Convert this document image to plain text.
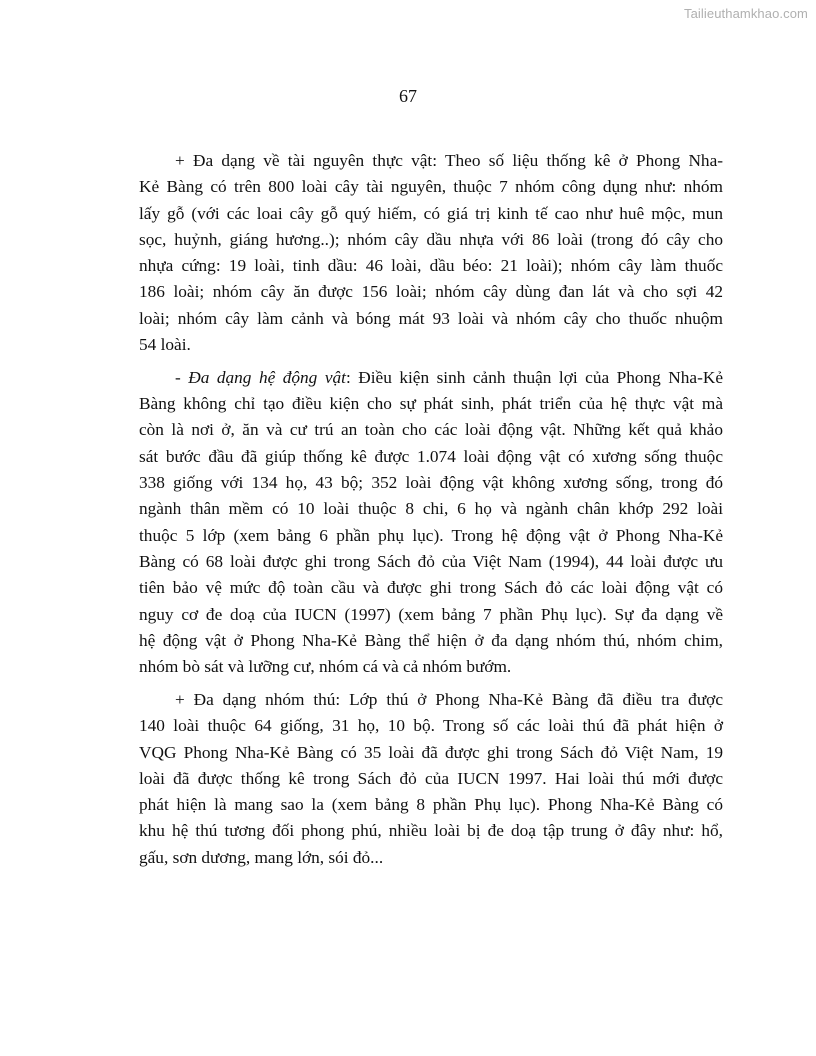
Tailieuthamkhao.com
67
+ Đa dạng về tài nguyên thực vật: Theo số liệu thống kê ở Phong Nha-
Kẻ Bàng có trên 800 loài cây tài nguyên, thuộc 7 nhóm công dụng như: nhóm
lấy gỗ (với các loai cây gỗ quý hiếm, có giá trị kinh tế cao như huê mộc, mun
sọc, huỷnh, giáng hương..); nhóm cây dầu nhựa với 86 loài (trong đó cây cho
nhựa cứng: 19 loài, tinh dầu: 46 loài, dầu béo: 21 loài); nhóm cây làm thuốc
186 loài; nhóm cây ăn được 156 loài; nhóm cây dùng đan lát và cho sợi 42
loài; nhóm cây làm cảnh và bóng mát 93 loài và nhóm cây cho thuốc nhuộm
54 loài.
- Đa dạng hệ động vật: Điều kiện sinh cảnh thuận lợi của Phong Nha-Kẻ
Bàng không chỉ tạo điều kiện cho sự phát sinh, phát triển của hệ thực vật mà
còn là nơi ở, ăn và cư trú an toàn cho các loài động vật. Những kết quả khảo
sát bước đầu đã giúp thống kê được 1.074 loài động vật có xương sống thuộc
338 giống với 134 họ, 43 bộ; 352 loài động vật không xương sống, trong đó
ngành thân mềm có 10 loài thuộc 8 chi, 6 họ và ngành chân khớp 292 loài
thuộc 5 lớp (xem bảng 6 phần phụ lục). Trong hệ động vật ở Phong Nha-Kẻ
Bàng có 68 loài được ghi trong Sách đỏ của Việt Nam (1994), 44 loài được ưu
tiên bảo vệ mức độ toàn cầu và được ghi trong Sách đỏ các loài động vật có
nguy cơ đe doạ của IUCN (1997) (xem bảng 7 phần Phụ lục). Sự đa dạng về
hệ động vật ở Phong Nha-Kẻ Bàng thể hiện ở đa dạng nhóm thú, nhóm chim,
nhóm bò sát và lưỡng cư, nhóm cá và cả nhóm bướm.
+ Đa dạng nhóm thú: Lớp thú ở Phong Nha-Kẻ Bàng đã điều tra được
140 loài thuộc 64 giống, 31 họ, 10 bộ. Trong số các loài thú đã phát hiện ở
VQG Phong Nha-Kẻ Bàng có 35 loài đã được ghi trong Sách đỏ Việt Nam, 19
loài đã được thống kê trong Sách đỏ của IUCN 1997. Hai loài thú mới được
phát hiện là mang sao la (xem bảng 8 phần Phụ lục). Phong Nha-Kẻ Bàng có
khu hệ thú tương đối phong phú, nhiều loài bị đe doạ tập trung ở đây như: hổ,
gấu, sơn dương, mang lớn, sói đỏ...
